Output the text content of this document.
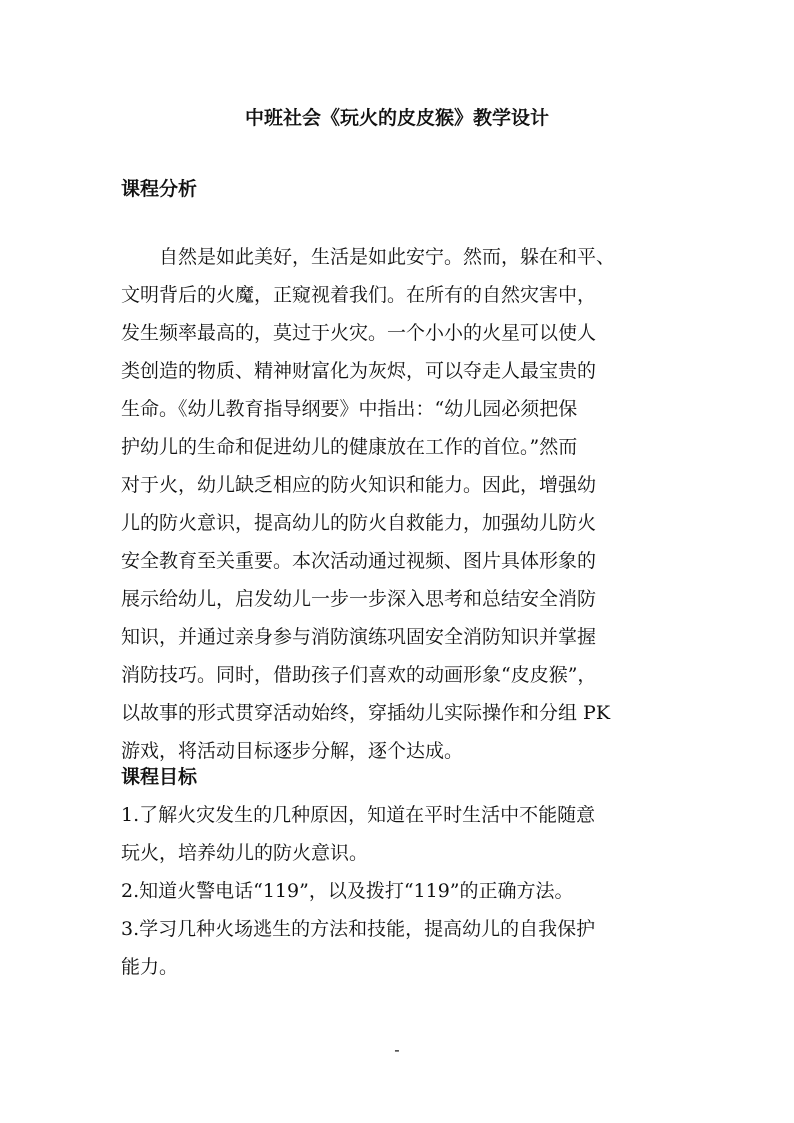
中班社会《玩火的皮皮猴》教学设计
课程分析

　　自然是如此美好，生活是如此安宁。然而，躲在和平、

文明背后的火魔，正窥视着我们。在所有的自然灾害中，

发生频率最高的，莫过于火灾。一个小小的火星可以使人

类创造的物质、精神财富化为灰烬，可以夺走人最宝贵的

生命。《幼儿教育指导纲要》中指出：“幼儿园必须把保

护幼儿的生命和促进幼儿的健康放在工作的首位。”然而

对于火，幼儿缺乏相应的防火知识和能力。因此，增强幼

儿的防火意识，提高幼儿的防火自救能力，加强幼儿防火

安全教育至关重要。本次活动通过视频、图片具体形象的

展示给幼儿，启发幼儿一步一步深入思考和总结安全消防

知识，并通过亲身参与消防演练巩固安全消防知识并掌握

消防技巧。同时，借助孩子们喜欢的动画形象“皮皮猴”，

以故事的形式贯穿活动始终，穿插幼儿实际操作和分组 PK

游戏，将活动目标逐步分解，逐个达成。

课程目标

1.了解火灾发生的几种原因，知道在平时生活中不能随意

玩火，培养幼儿的防火意识。

2.知道火警电话“119”，以及拨打“119”的正确方法。

3.学习几种火场逃生的方法和技能，提高幼儿的自我保护

能力。

-
